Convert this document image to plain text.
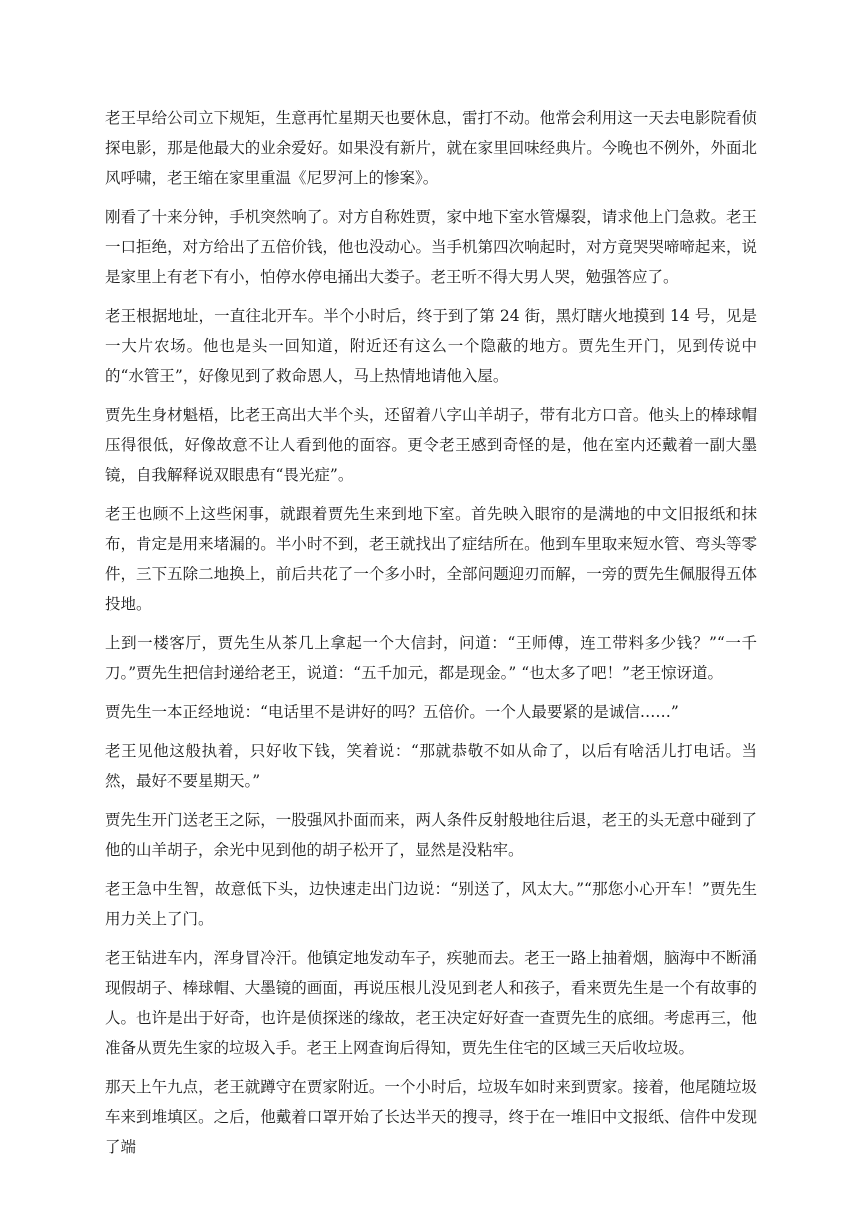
老王早给公司立下规矩，生意再忙星期天也要休息，雷打不动。他常会利用这一天去电影院看侦探电影，那是他最大的业余爱好。如果没有新片，就在家里回味经典片。今晚也不例外，外面北风呼啸，老王缩在家里重温《尼罗河上的惨案》。

刚看了十来分钟，手机突然响了。对方自称姓贾，家中地下室水管爆裂，请求他上门急救。老王一口拒绝，对方给出了五倍价钱，他也没动心。当手机第四次响起时，对方竟哭哭啼啼起来，说是家里上有老下有小，怕停水停电捅出大娄子。老王听不得大男人哭，勉强答应了。

老王根据地址，一直往北开车。半个小时后，终于到了第 24 街，黑灯瞎火地摸到 14 号，见是一大片农场。他也是头一回知道，附近还有这么一个隐蔽的地方。贾先生开门，见到传说中的“水管王”，好像见到了救命恩人，马上热情地请他入屋。

贾先生身材魁梧，比老王高出大半个头，还留着八字山羊胡子，带有北方口音。他头上的棒球帽压得很低，好像故意不让人看到他的面容。更令老王感到奇怪的是，他在室内还戴着一副大墨镜，自我解释说双眼患有“畏光症”。

老王也顾不上这些闲事，就跟着贾先生来到地下室。首先映入眼帘的是满地的中文旧报纸和抹布，肯定是用来堵漏的。半小时不到，老王就找出了症结所在。他到车里取来短水管、弯头等零件，三下五除二地换上，前后共花了一个多小时，全部问题迎刃而解，一旁的贾先生佩服得五体投地。

上到一楼客厅，贾先生从茶几上拿起一个大信封，问道：“王师傅，连工带料多少钱？”“一千刀。”贾先生把信封递给老王，说道：“五千加元，都是现金。” “也太多了吧！”老王惊讶道。

贾先生一本正经地说：“电话里不是讲好的吗？五倍价。一个人最要紧的是诚信……”

老王见他这般执着，只好收下钱，笑着说：“那就恭敬不如从命了，以后有啥活儿打电话。当然，最好不要星期天。”

贾先生开门送老王之际，一股强风扑面而来，两人条件反射般地往后退，老王的头无意中碰到了他的山羊胡子，余光中见到他的胡子松开了，显然是没粘牢。

老王急中生智，故意低下头，边快速走出门边说：“别送了，风太大。”“那您小心开车！”贾先生用力关上了门。

老王钻进车内，浑身冒冷汗。他镇定地发动车子，疾驰而去。老王一路上抽着烟，脑海中不断涌现假胡子、棒球帽、大墨镜的画面，再说压根儿没见到老人和孩子，看来贾先生是一个有故事的人。也许是出于好奇，也许是侦探迷的缘故，老王决定好好查一查贾先生的底细。考虑再三，他准备从贾先生家的垃圾入手。老王上网查询后得知，贾先生住宅的区域三天后收垃圾。

那天上午九点，老王就蹲守在贾家附近。一个小时后，垃圾车如时来到贾家。接着，他尾随垃圾车来到堆填区。之后，他戴着口罩开始了长达半天的搜寻，终于在一堆旧中文报纸、信件中发现了端
